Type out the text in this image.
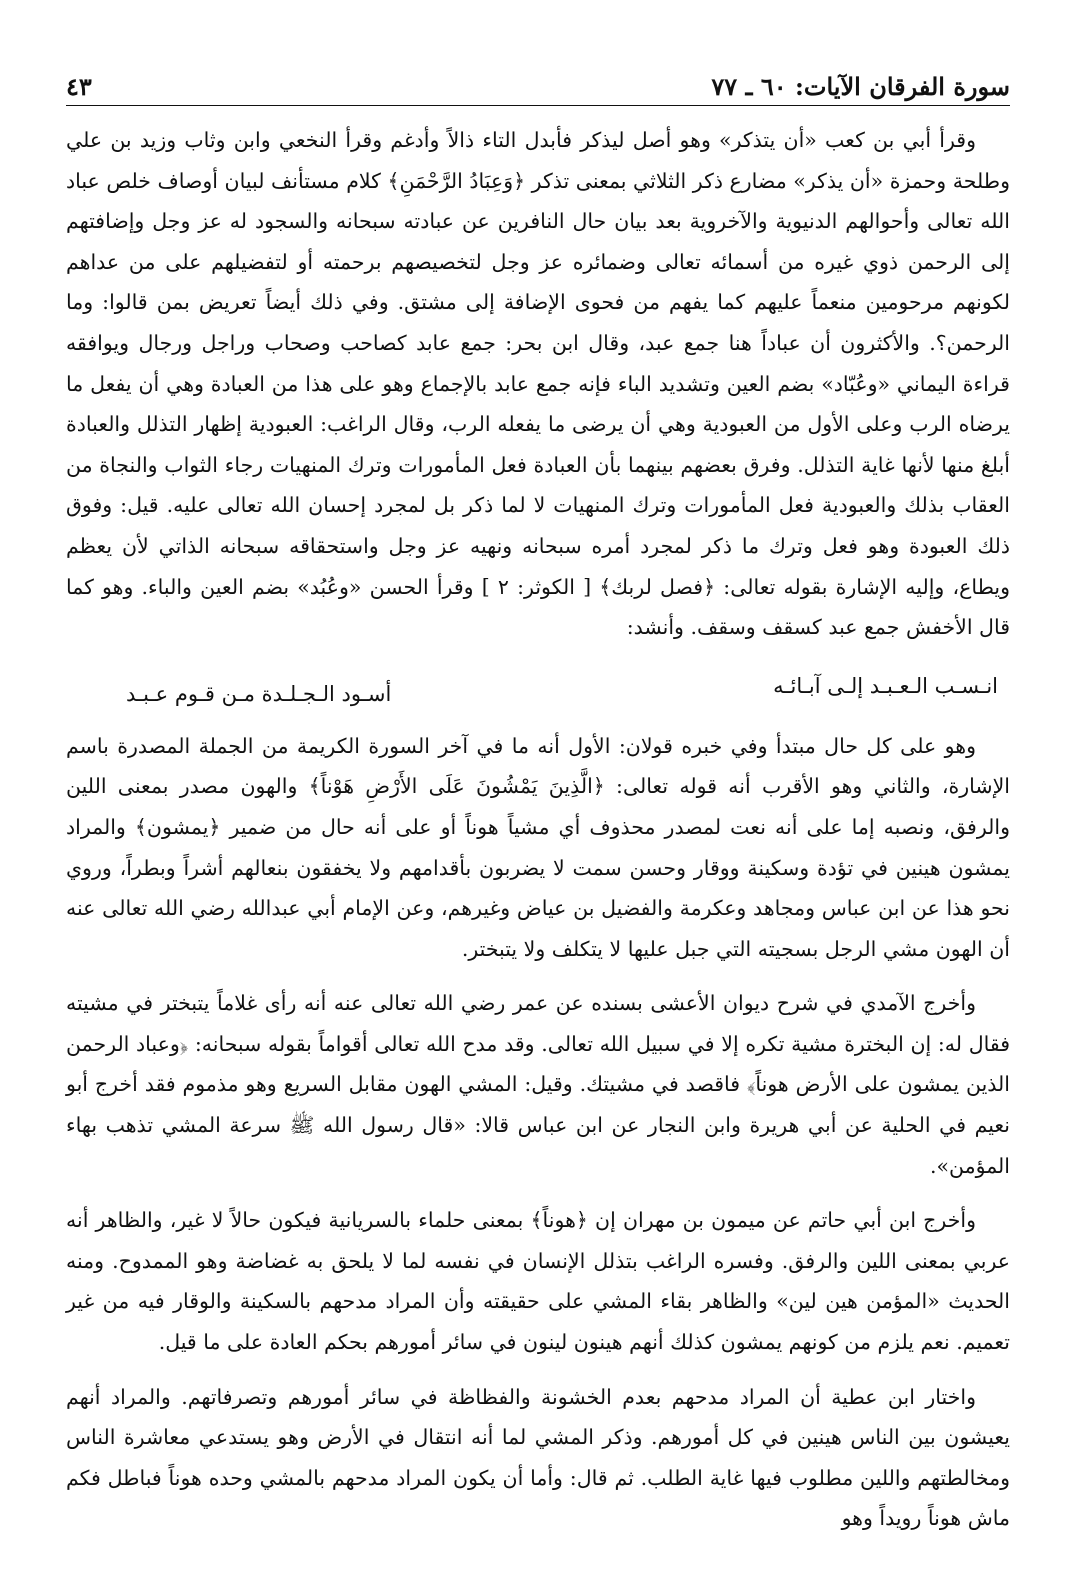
سورة الفرقان الآيات: ٦٠ ـ ٧٧
٤٣

وقرأ أبي بن كعب «أن يتذكر» وهو أصل ليذكر فأبدل التاء ذالاً وأدغم وقرأ النخعي وابن وثاب وزيد بن علي وطلحة وحمزة «أن يذكر» مضارع ذكر الثلاثي بمعنى تذكر ﴿وَعِبَادُ الرَّحْمَنِ﴾ كلام مستأنف لبيان أوصاف خلص عباد الله تعالى وأحوالهم الدنيوية والآخروية بعد بيان حال النافرين عن عبادته سبحانه والسجود له عز وجل وإضافتهم إلى الرحمن ذوي غيره من أسمائه تعالى وضمائره عز وجل لتخصيصهم برحمته أو لتفضيلهم على من عداهم لكونهم مرحومين منعماً عليهم كما يفهم من فحوى الإضافة إلى مشتق. وفي ذلك أيضاً تعريض بمن قالوا: وما الرحمن؟. والأكثرون أن عباداً هنا جمع عبد، وقال ابن بحر: جمع عابد كصاحب وصحاب وراجل ورجال ويوافقه قراءة اليماني «وعُبّاد» بضم العين وتشديد الباء فإنه جمع عابد بالإجماع وهو على هذا من العبادة وهي أن يفعل ما يرضاه الرب وعلى الأول من العبودية وهي أن يرضى ما يفعله الرب، وقال الراغب: العبودية إظهار التذلل والعبادة أبلغ منها لأنها غاية التذلل. وفرق بعضهم بينهما بأن العبادة فعل المأمورات وترك المنهيات رجاء الثواب والنجاة من العقاب بذلك والعبودية فعل المأمورات وترك المنهيات لا لما ذكر بل لمجرد إحسان الله تعالى عليه. قيل: وفوق ذلك العبودة وهو فعل وترك ما ذكر لمجرد أمره سبحانه ونهيه عز وجل واستحقاقه سبحانه الذاتي لأن يعظم ويطاع، وإليه الإشارة بقوله تعالى: ﴿فصل لربك﴾ [ الكوثر: ٢ ] وقرأ الحسن «وعُبُد» بضم العين والباء. وهو كما قال الأخفش جمع عبد كسقف وسقف. وأنشد:

انـسـب الـعـبـد إلـى آبـائـه
أسـود الـجـلـدة مـن قـوم عـبـد

وهو على كل حال مبتدأ وفي خبره قولان: الأول أنه ما في آخر السورة الكريمة من الجملة المصدرة باسم الإشارة، والثاني وهو الأقرب أنه قوله تعالى: ﴿الَّذِينَ يَمْشُونَ عَلَى الأَرْضِ هَوْناً﴾ والهون مصدر بمعنى اللين والرفق، ونصبه إما على أنه نعت لمصدر محذوف أي مشياً هوناً أو على أنه حال من ضمير ﴿يمشون﴾ والمراد يمشون هينين في تؤدة وسكينة ووقار وحسن سمت لا يضربون بأقدامهم ولا يخفقون بنعالهم أشراً وبطراً، وروي نحو هذا عن ابن عباس ومجاهد وعكرمة والفضيل بن عياض وغيرهم، وعن الإمام أبي عبدالله رضي الله تعالى عنه أن الهون مشي الرجل بسجيته التي جبل عليها لا يتكلف ولا يتبختر.

وأخرج الآمدي في شرح ديوان الأعشى بسنده عن عمر رضي الله تعالى عنه أنه رأى غلاماً يتبختر في مشيته فقال له: إن البخترة مشية تكره إلا في سبيل الله تعالى. وقد مدح الله تعالى أقواماً بقوله سبحانه: ﴿وعباد الرحمن الذين يمشون على الأرض هوناً﴾ فاقصد في مشيتك. وقيل: المشي الهون مقابل السريع وهو مذموم فقد أخرج أبو نعيم في الحلية عن أبي هريرة وابن النجار عن ابن عباس قالا: «قال رسول الله ﷺ سرعة المشي تذهب بهاء المؤمن».

وأخرج ابن أبي حاتم عن ميمون بن مهران إن ﴿هوناً﴾ بمعنى حلماء بالسريانية فيكون حالاً لا غير، والظاهر أنه عربي بمعنى اللين والرفق. وفسره الراغب بتذلل الإنسان في نفسه لما لا يلحق به غضاضة وهو الممدوح. ومنه الحديث «المؤمن هين لين» والظاهر بقاء المشي على حقيقته وأن المراد مدحهم بالسكينة والوقار فيه من غير تعميم. نعم يلزم من كونهم يمشون كذلك أنهم هينون لينون في سائر أمورهم بحكم العادة على ما قيل.

واختار ابن عطية أن المراد مدحهم بعدم الخشونة والفظاظة في سائر أمورهم وتصرفاتهم. والمراد أنهم يعيشون بين الناس هينين في كل أمورهم. وذكر المشي لما أنه انتقال في الأرض وهو يستدعي معاشرة الناس ومخالطتهم واللين مطلوب فيها غاية الطلب. ثم قال: وأما أن يكون المراد مدحهم بالمشي وحده هوناً فباطل فكم ماش هوناً رويداً وهو
